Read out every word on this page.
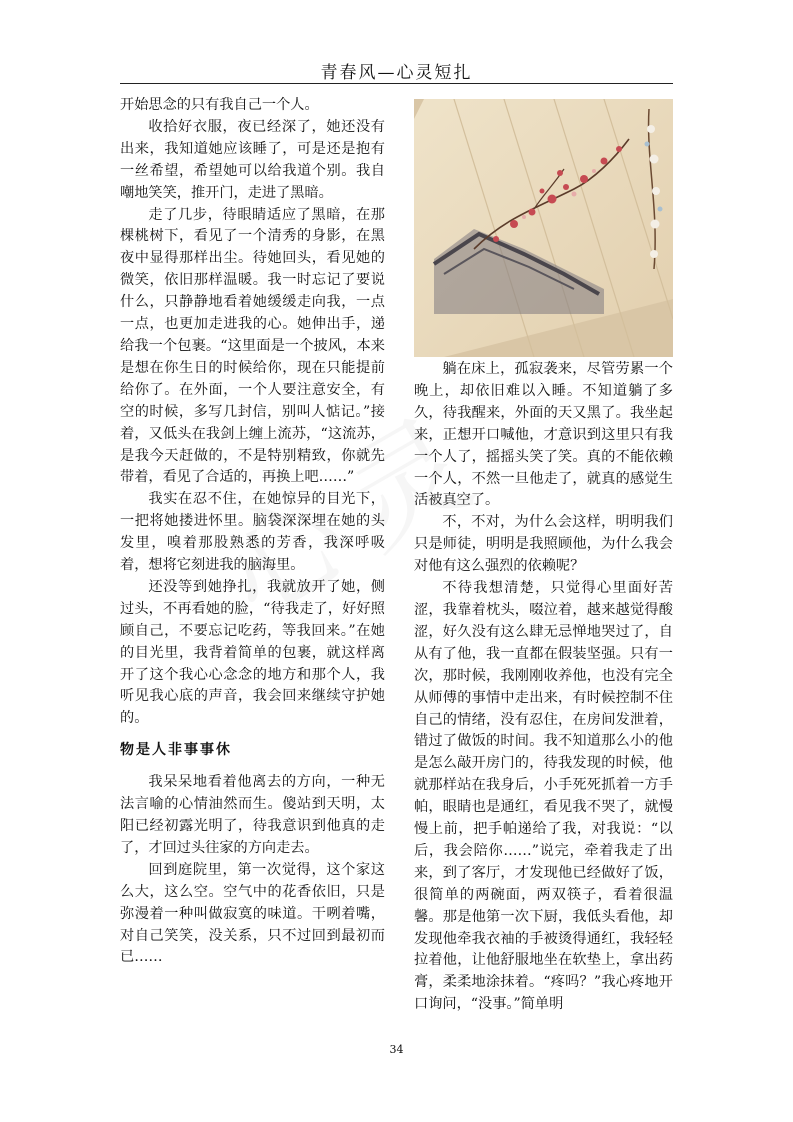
青春风—心灵短扎

开始思念的只有我自己一个人。

收拾好衣服，夜已经深了，她还没有出来，我知道她应该睡了，可是还是抱有一丝希望，希望她可以给我道个别。我自嘲地笑笑，推开门，走进了黑暗。

走了几步，待眼睛适应了黑暗，在那棵桃树下，看见了一个清秀的身影，在黑夜中显得那样出尘。待她回头，看见她的微笑，依旧那样温暖。我一时忘记了要说什么，只静静地看着她缓缓走向我，一点一点，也更加走进我的心。她伸出手，递给我一个包裹。“这里面是一个披风，本来是想在你生日的时候给你，现在只能提前给你了。在外面，一个人要注意安全，有空的时候，多写几封信，别叫人惦记。”接着，又低头在我剑上缠上流苏，“这流苏，是我今天赶做的，不是特别精致，你就先带着，看见了合适的，再换上吧……”

我实在忍不住，在她惊异的目光下，一把将她搂进怀里。脑袋深深埋在她的头发里，嗅着那股熟悉的芳香，我深呼吸着，想将它刻进我的脑海里。

还没等到她挣扎，我就放开了她，侧过头，不再看她的脸，“待我走了，好好照顾自己，不要忘记吃药，等我回来。”在她的目光里，我背着简单的包裹，就这样离开了这个我心心念念的地方和那个人，我听见我心底的声音，我会回来继续守护她的。

物是人非事事休

我呆呆地看着他离去的方向，一种无法言喻的心情油然而生。傻站到天明，太阳已经初露光明了，待我意识到他真的走了，才回过头往家的方向走去。

回到庭院里，第一次觉得，这个家这么大，这么空。空气中的花香依旧，只是弥漫着一种叫做寂寞的味道。干咧着嘴，对自己笑笑，没关系，只不过回到最初而已……

躺在床上，孤寂袭来，尽管劳累一个晚上，却依旧难以入睡。不知道躺了多久，待我醒来，外面的天又黑了。我坐起来，正想开口喊他，才意识到这里只有我一个人了，摇摇头笑了笑。真的不能依赖一个人，不然一旦他走了，就真的感觉生活被真空了。

不，不对，为什么会这样，明明我们只是师徒，明明是我照顾他，为什么我会对他有这么强烈的依赖呢？

不待我想清楚，只觉得心里面好苦涩，我靠着枕头，啜泣着，越来越觉得酸涩，好久没有这么肆无忌惮地哭过了，自从有了他，我一直都在假装坚强。只有一次，那时候，我刚刚收养他，也没有完全从师傅的事情中走出来，有时候控制不住自己的情绪，没有忍住，在房间发泄着，错过了做饭的时间。我不知道那么小的他是怎么敲开房门的，待我发现的时候，他就那样站在我身后，小手死死抓着一方手帕，眼睛也是通红，看见我不哭了，就慢慢上前，把手帕递给了我，对我说：“以后，我会陪你……”说完，牵着我走了出来，到了客厅，才发现他已经做好了饭，很简单的两碗面，两双筷子，看着很温馨。那是他第一次下厨，我低头看他，却发现他牵我衣袖的手被烫得通红，我轻轻拉着他，让他舒服地坐在软垫上，拿出药膏，柔柔地涂抹着。“疼吗？”我心疼地开口询问，“没事。”简单明

34
